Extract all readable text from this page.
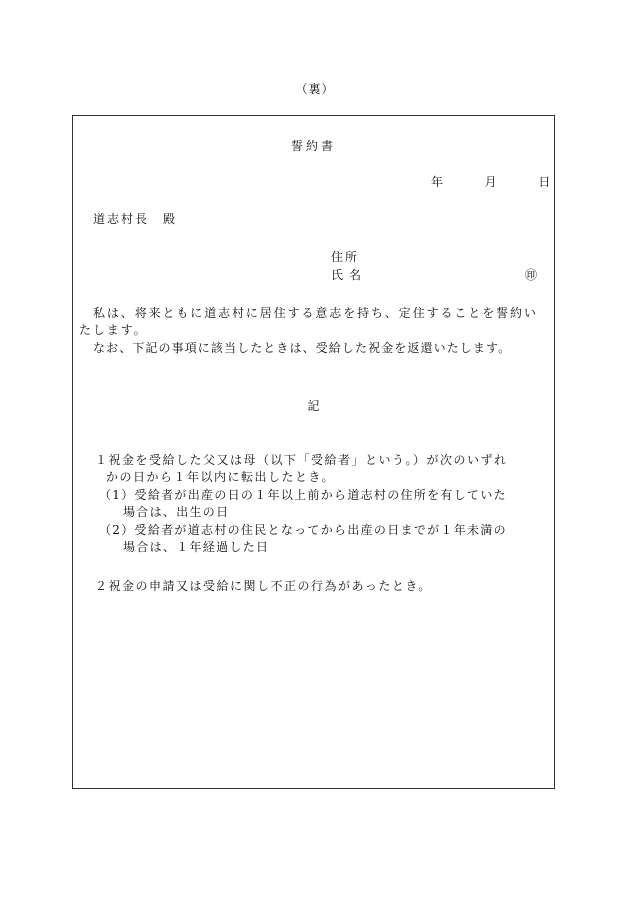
（裏）
誓約書
年	月	日
道志村長　殿
住所
氏名	㊞
私は、将来ともに道志村に居住する意志を持ち、定住することを誓約いたします。
なお、下記の事項に該当したときは、受給した祝金を返還いたします。
記
１祝金を受給した父又は母（以下「受給者」という。）が次のいずれ
かの日から１年以内に転出したとき。
（1）受給者が出産の日の１年以上前から道志村の住所を有していた
場合は、出生の日
（2）受給者が道志村の住民となってから出産の日までが１年未満の
場合は、１年経過した日
２祝金の申請又は受給に関し不正の行為があったとき。
